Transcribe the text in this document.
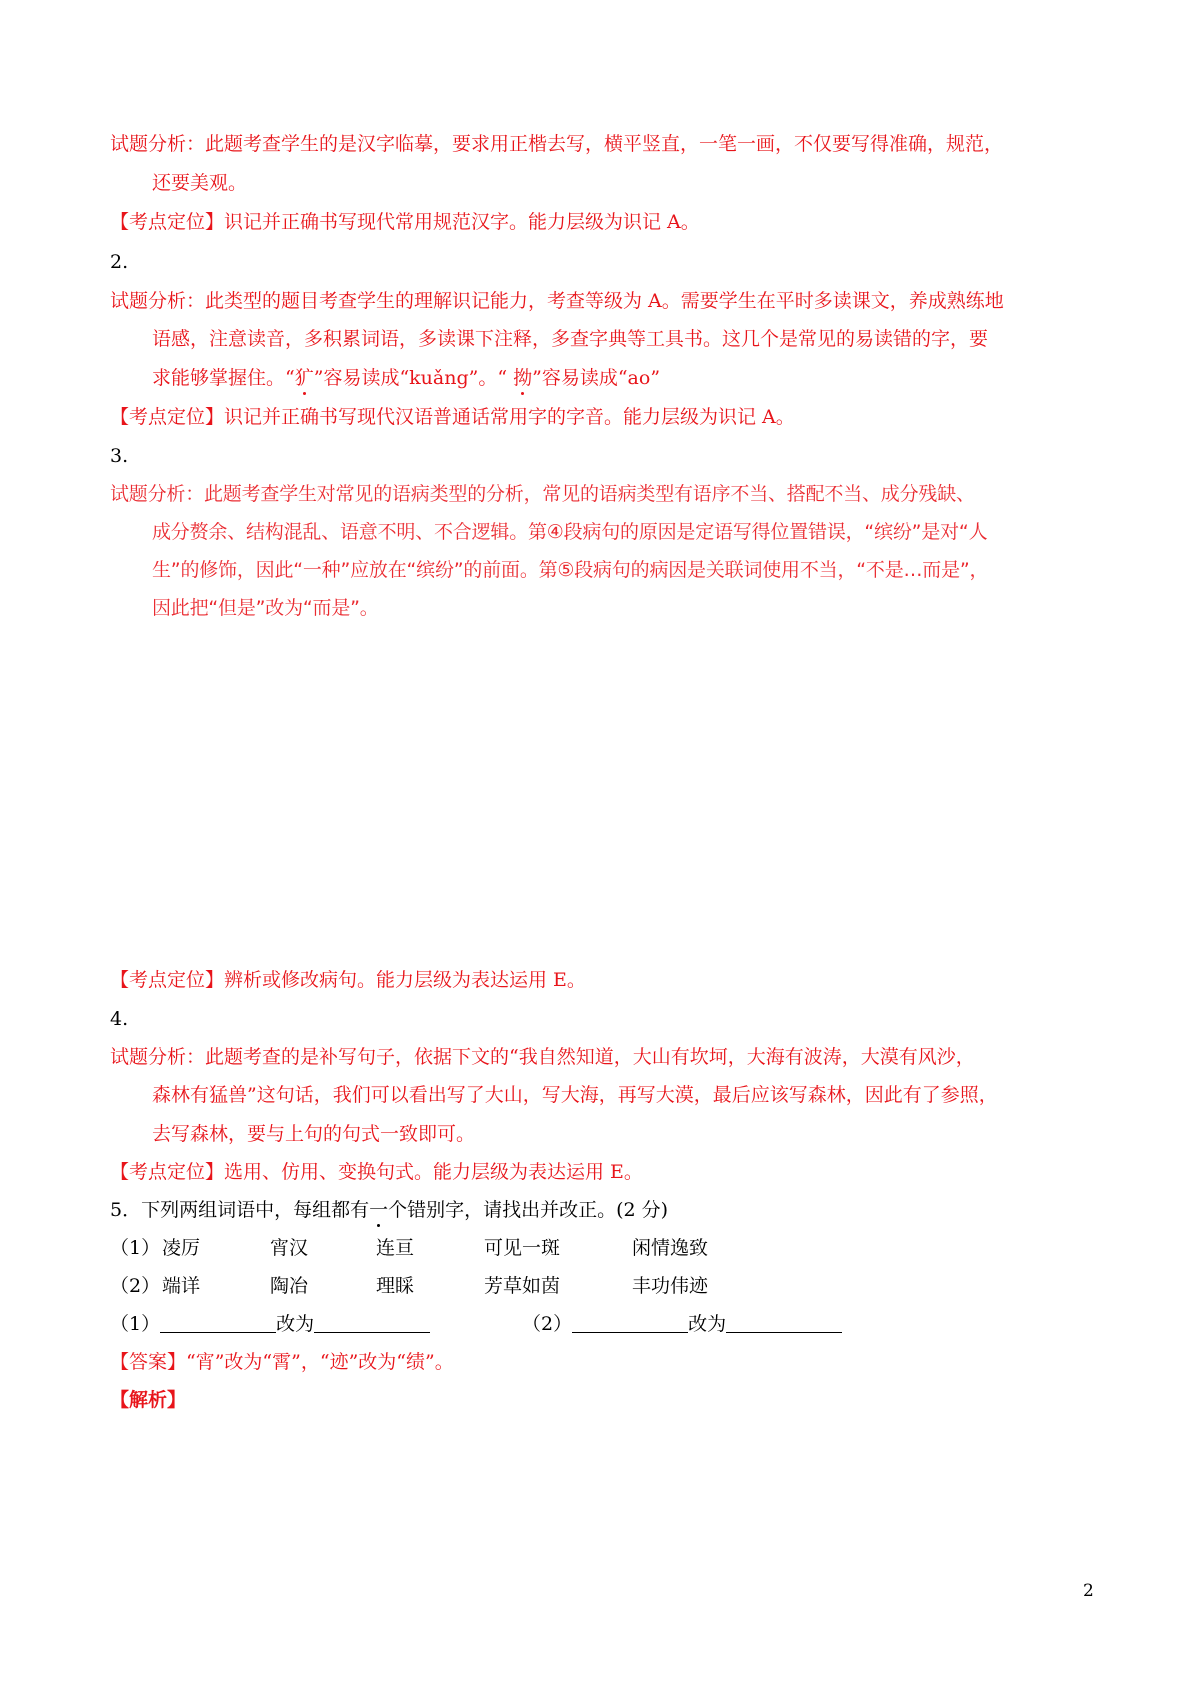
试题分析：此题考查学生的是汉字临摹，要求用正楷去写，横平竖直，一笔一画，不仅要写得准确，规范，
还要美观。
【考点定位】识记并正确书写现代常用规范汉字。能力层级为识记 A。
2.
试题分析：此类型的题目考查学生的理解识记能力，考查等级为 A。需要学生在平时多读课文，养成熟练地
语感，注意读音，多积累词语，多读课下注释，多查字典等工具书。这几个是常见的易读错的字，要
求能够掌握住。“犷”容易读成“kuǎng”。“ 拗”容易读成“ao”
【考点定位】识记并正确书写现代汉语普通话常用字的字音。能力层级为识记 A。
3.
试题分析：此题考查学生对常见的语病类型的分析，常见的语病类型有语序不当、搭配不当、成分残缺、
成分赘余、结构混乱、语意不明、不合逻辑。第④段病句的原因是定语写得位置错误，“缤纷”是对“人
生”的修饰，因此“一种”应放在“缤纷”的前面。第⑤段病句的病因是关联词使用不当，“不是…而是”，
因此把“但是”改为“而是”。
【考点定位】辨析或修改病句。能力层级为表达运用 E。
4.
试题分析：此题考查的是补写句子，依据下文的“我自然知道，大山有坎坷，大海有波涛，大漠有风沙，
森林有猛兽”这句话，我们可以看出写了大山，写大海，再写大漠，最后应该写森林，因此有了参照，
去写森林，要与上句的句式一致即可。
【考点定位】选用、仿用、变换句式。能力层级为表达运用 E。
5．下列两组词语中，每组都有一个错别字，请找出并改正。(2 分)
（1） 凌厉	宵汉	连亘	可见一斑	闲情逸致
（2） 端详	陶冶	理睬	芳草如茵	丰功伟迹
（1）	改为	（2）	改为
【答案】“宵”改为“霄”，“迹”改为“绩”。
【解析】
2
